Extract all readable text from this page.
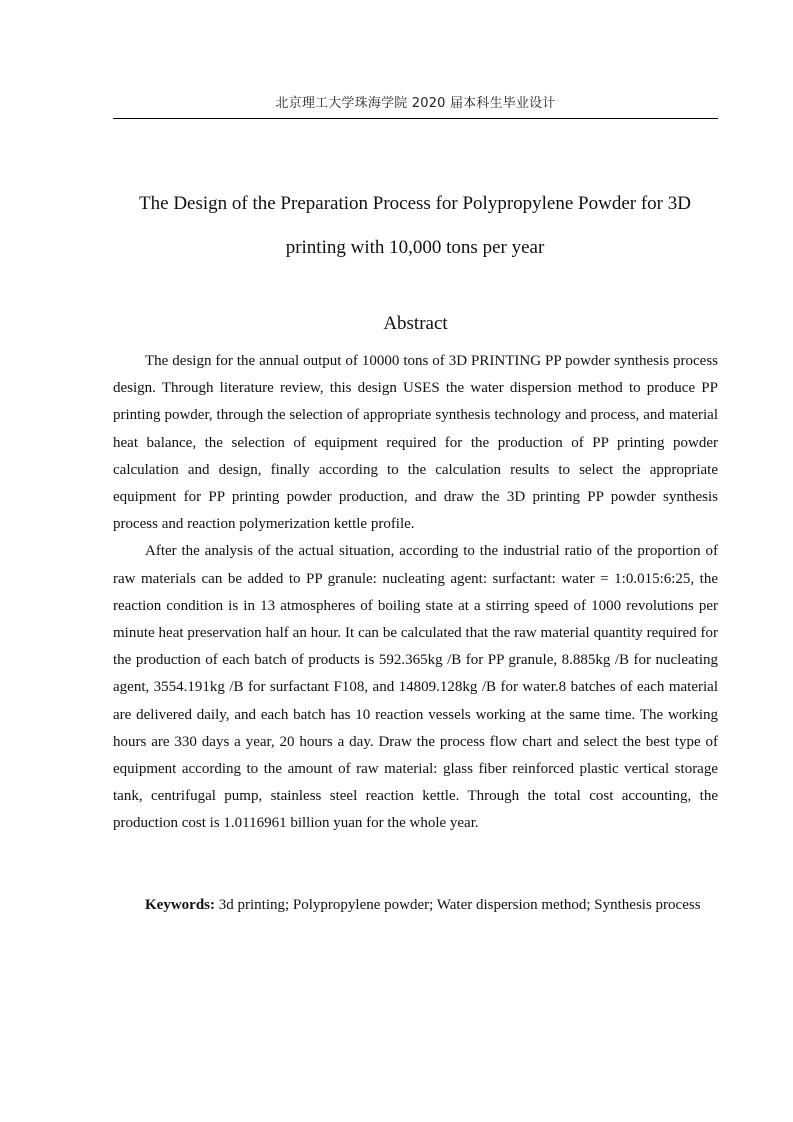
北京理工大学珠海学院 2020 届本科生毕业设计
The Design of the Preparation Process for Polypropylene Powder for 3D
printing with 10,000 tons per year
Abstract

The design for the annual output of 10000 tons of 3D PRINTING PP powder synthesis process design. Through literature review, this design USES the water dispersion method to produce PP printing powder, through the selection of appropriate synthesis technology and process, and material heat balance, the selection of equipment required for the production of PP printing powder calculation and design, finally according to the calculation results to select the appropriate equipment for PP printing powder production, and draw the 3D printing PP powder synthesis process and reaction polymerization kettle profile.

After the analysis of the actual situation, according to the industrial ratio of the proportion of raw materials can be added to PP granule: nucleating agent: surfactant: water = 1:0.015:6:25, the reaction condition is in 13 atmospheres of boiling state at a stirring speed of 1000 revolutions per minute heat preservation half an hour. It can be calculated that the raw material quantity required for the production of each batch of products is 592.365kg /B for PP granule, 8.885kg /B for nucleating agent, 3554.191kg /B for surfactant F108, and 14809.128kg /B for water.8 batches of each material are delivered daily, and each batch has 10 reaction vessels working at the same time. The working hours are 330 days a year, 20 hours a day. Draw the process flow chart and select the best type of equipment according to the amount of raw material: glass fiber reinforced plastic vertical storage tank, centrifugal pump, stainless steel reaction kettle. Through the total cost accounting, the production cost is 1.0116961 billion yuan for the whole year.

Keywords: 3d printing; Polypropylene powder; Water dispersion method; Synthesis process
